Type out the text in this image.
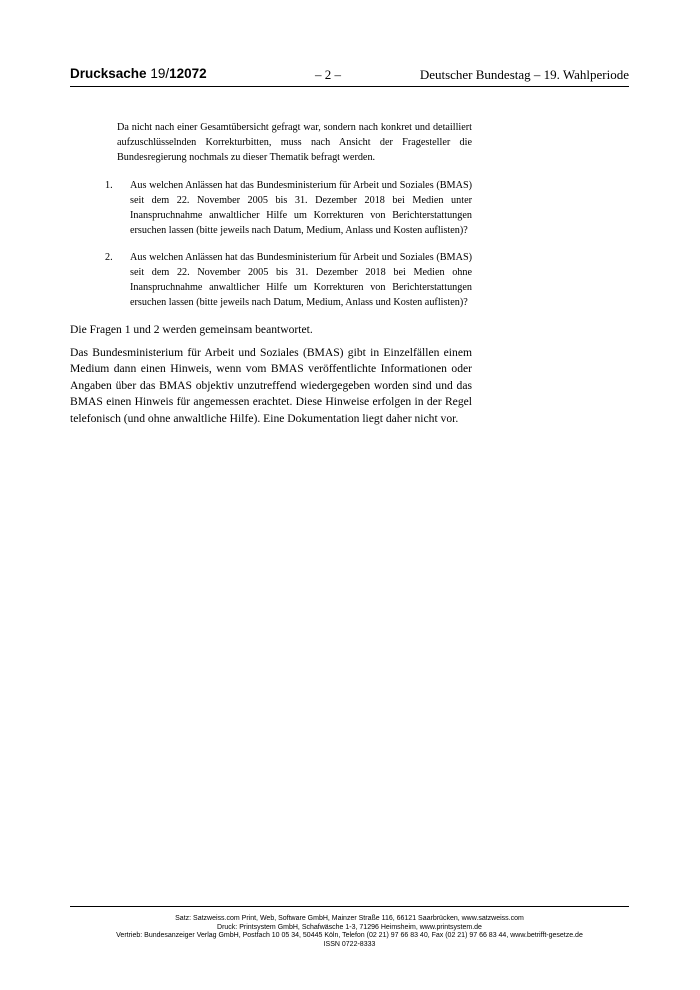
Drucksache 19/12072	– 2 –	Deutscher Bundestag – 19. Wahlperiode
Da nicht nach einer Gesamtübersicht gefragt war, sondern nach konkret und detailliert aufzuschlüsselnden Korrekturbitten, muss nach Ansicht der Fragesteller die Bundesregierung nochmals zu dieser Thematik befragt werden.
1. Aus welchen Anlässen hat das Bundesministerium für Arbeit und Soziales (BMAS) seit dem 22. November 2005 bis 31. Dezember 2018 bei Medien unter Inanspruchnahme anwaltlicher Hilfe um Korrekturen von Berichterstattungen ersuchen lassen (bitte jeweils nach Datum, Medium, Anlass und Kosten auflisten)?
2. Aus welchen Anlässen hat das Bundesministerium für Arbeit und Soziales (BMAS) seit dem 22. November 2005 bis 31. Dezember 2018 bei Medien ohne Inanspruchnahme anwaltlicher Hilfe um Korrekturen von Berichterstattungen ersuchen lassen (bitte jeweils nach Datum, Medium, Anlass und Kosten auflisten)?
Die Fragen 1 und 2 werden gemeinsam beantwortet.
Das Bundesministerium für Arbeit und Soziales (BMAS) gibt in Einzelfällen einem Medium dann einen Hinweis, wenn vom BMAS veröffentlichte Informationen oder Angaben über das BMAS objektiv unzutreffend wiedergegeben worden sind und das BMAS einen Hinweis für angemessen erachtet. Diese Hinweise erfolgen in der Regel telefonisch (und ohne anwaltliche Hilfe). Eine Dokumentation liegt daher nicht vor.
Satz: Satzweiss.com Print, Web, Software GmbH, Mainzer Straße 116, 66121 Saarbrücken, www.satzweiss.com
Druck: Printsystem GmbH, Schafwäsche 1-3, 71296 Heimsheim, www.printsystem.de
Vertrieb: Bundesanzeiger Verlag GmbH, Postfach 10 05 34, 50445 Köln, Telefon (02 21) 97 66 83 40, Fax (02 21) 97 66 83 44, www.betrifft-gesetze.de
ISSN 0722-8333
